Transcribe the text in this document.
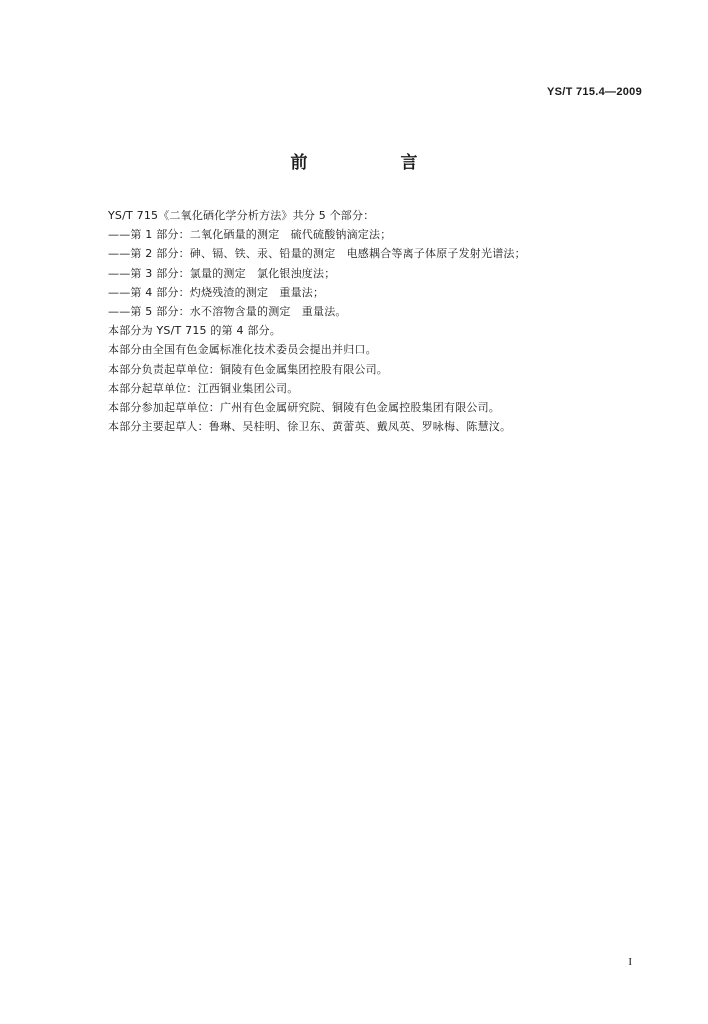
YS/T 715.4—2009
前　言
YS/T 715《二氧化硒化学分析方法》共分 5 个部分：
——第 1 部分：二氧化硒量的测定　硫代硫酸钠滴定法；
——第 2 部分：砷、镉、铁、汞、铅量的测定　电感耦合等离子体原子发射光谱法；
——第 3 部分：氯量的测定　氯化银浊度法；
——第 4 部分：灼烧残渣的测定　重量法；
——第 5 部分：水不溶物含量的测定　重量法。
本部分为 YS/T 715 的第 4 部分。
本部分由全国有色金属标准化技术委员会提出并归口。
本部分负责起草单位：铜陵有色金属集团控股有限公司。
本部分起草单位：江西铜业集团公司。
本部分参加起草单位：广州有色金属研究院、铜陵有色金属控股集团有限公司。
本部分主要起草人：鲁琳、吴桂明、徐卫东、黄蕾英、戴凤英、罗咏梅、陈慧汶。
I
